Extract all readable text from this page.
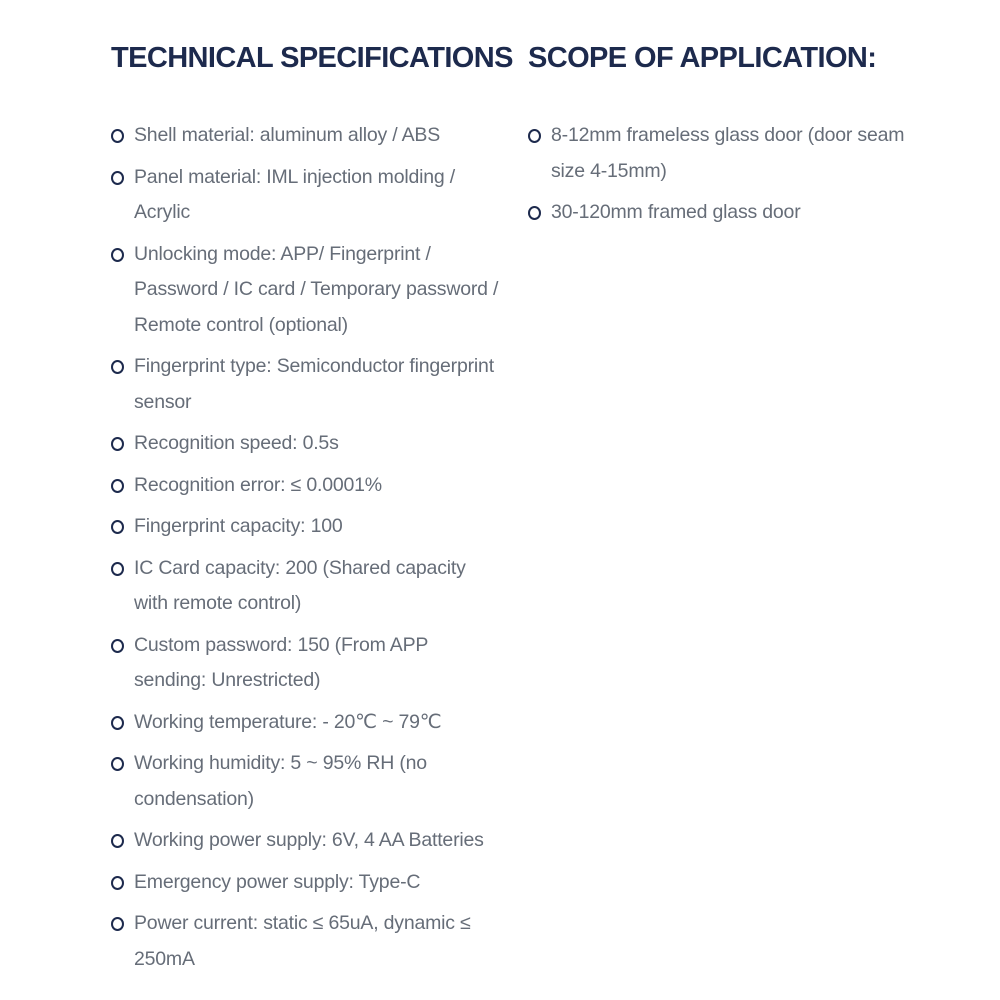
TECHNICAL SPECIFICATIONS
Shell material: aluminum alloy / ABS
Panel material: IML injection molding / Acrylic
Unlocking mode: APP/ Fingerprint / Password / IC card / Temporary password / Remote control (optional)
Fingerprint type: Semiconductor fingerprint sensor
Recognition speed: 0.5s
Recognition error: ≤ 0.0001%
Fingerprint capacity: 100
IC Card capacity: 200 (Shared capacity with remote control)
Custom password: 150 (From APP sending: Unrestricted)
Working temperature: - 20℃ ~ 79℃
Working humidity: 5 ~ 95% RH (no condensation)
Working power supply: 6V, 4 AA Batteries
Emergency power supply: Type-C
Power current: static ≤ 65uA, dynamic ≤ 250mA
SCOPE OF APPLICATION:
8-12mm frameless glass door (door seam size 4-15mm)
30-120mm framed glass door
